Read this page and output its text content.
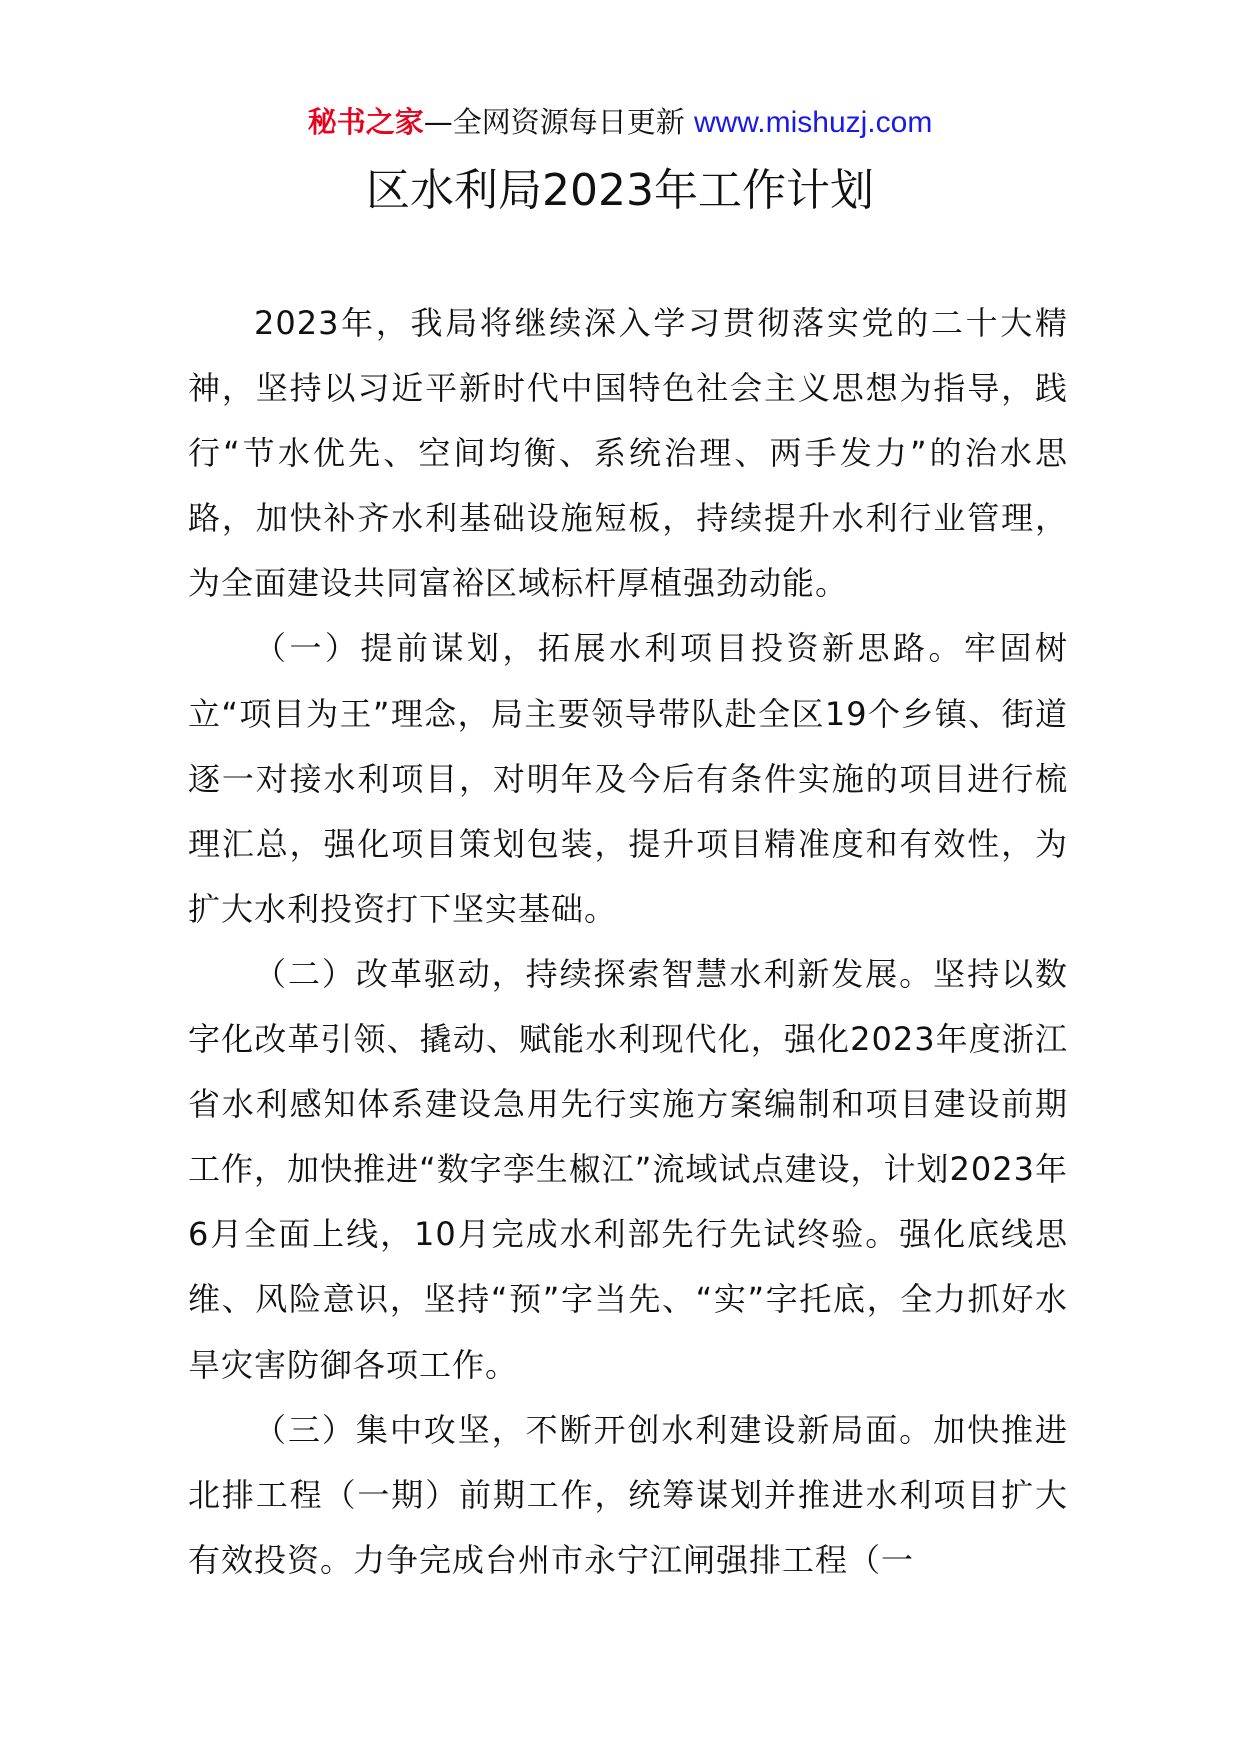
秘书之家—全网资源每日更新 www.mishuzj.com
区水利局2023年工作计划

2023年，我局将继续深入学习贯彻落实党的二十大精神，坚持以习近平新时代中国特色社会主义思想为指导，践行“节水优先、空间均衡、系统治理、两手发力”的治水思路，加快补齐水利基础设施短板，持续提升水利行业管理，为全面建设共同富裕区域标杆厚植强劲动能。

（一）提前谋划，拓展水利项目投资新思路。牢固树立“项目为王”理念，局主要领导带队赴全区19个乡镇、街道逐一对接水利项目，对明年及今后有条件实施的项目进行梳理汇总，强化项目策划包装，提升项目精准度和有效性，为扩大水利投资打下坚实基础。

（二）改革驱动，持续探索智慧水利新发展。坚持以数字化改革引领、撬动、赋能水利现代化，强化2023年度浙江省水利感知体系建设急用先行实施方案编制和项目建设前期工作，加快推进“数字孪生椒江”流域试点建设，计划2023年6月全面上线，10月完成水利部先行先试终验。强化底线思维、风险意识，坚持“预”字当先、“实”字托底，全力抓好水旱灾害防御各项工作。

（三）集中攻坚，不断开创水利建设新局面。加快推进北排工程（一期）前期工作，统筹谋划并推进水利项目扩大有效投资。力争完成台州市永宁江闸强排工程（一
